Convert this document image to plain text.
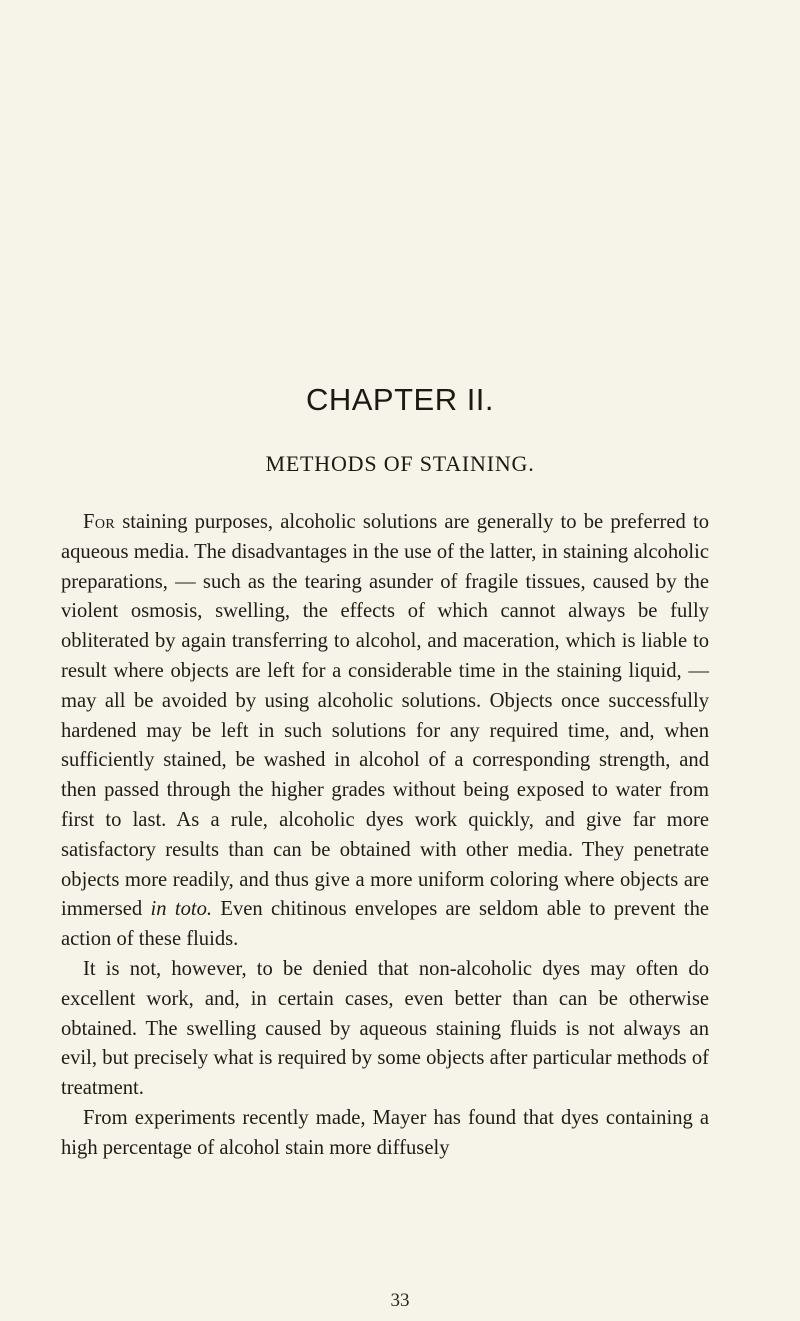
CHAPTER II.
METHODS OF STAINING.

For staining purposes, alcoholic solutions are generally to be preferred to aqueous media. The disadvantages in the use of the latter, in staining alcoholic preparations, — such as the tearing asunder of fragile tissues, caused by the violent osmosis, swelling, the effects of which cannot always be fully obliterated by again transferring to alcohol, and maceration, which is liable to result where objects are left for a considerable time in the staining liquid, — may all be avoided by using alcoholic solutions. Objects once successfully hardened may be left in such solutions for any required time, and, when sufficiently stained, be washed in alcohol of a corresponding strength, and then passed through the higher grades without being exposed to water from first to last. As a rule, alcoholic dyes work quickly, and give far more satisfactory results than can be obtained with other media. They penetrate objects more readily, and thus give a more uniform coloring where objects are immersed in toto. Even chitinous envelopes are seldom able to prevent the action of these fluids.

It is not, however, to be denied that non-alcoholic dyes may often do excellent work, and, in certain cases, even better than can be otherwise obtained. The swelling caused by aqueous staining fluids is not always an evil, but precisely what is required by some objects after particular methods of treatment.

From experiments recently made, Mayer has found that dyes containing a high percentage of alcohol stain more diffusely

33
